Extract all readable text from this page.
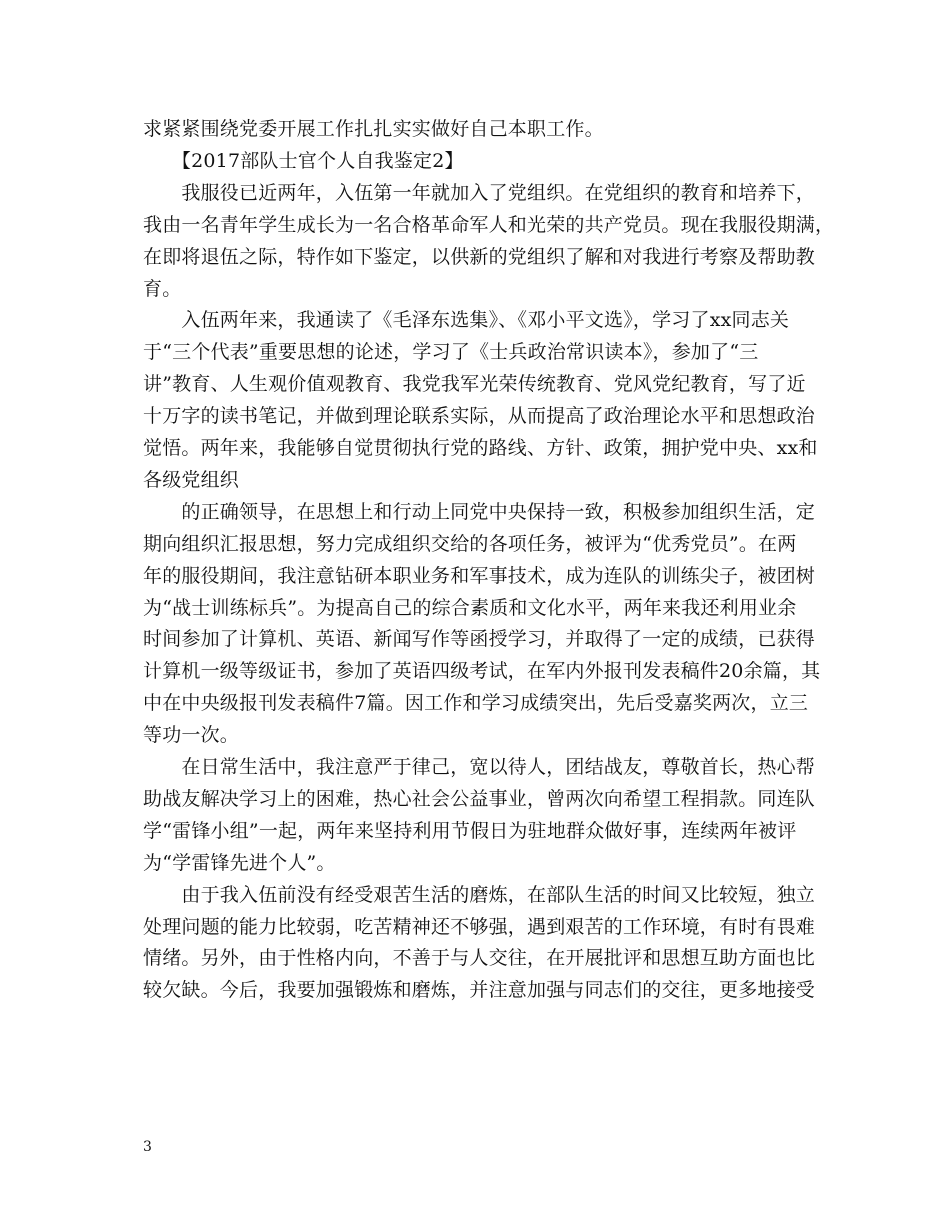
求紧紧围绕党委开展工作扎扎实实做好自己本职工作。
　　【2017部队士官个人自我鉴定2】
　　我服役已近两年，入伍第一年就加入了党组织。在党组织的教育和培养下，
我由一名青年学生成长为一名合格革命军人和光荣的共产党员。现在我服役期满，
在即将退伍之际，特作如下鉴定，以供新的党组织了解和对我进行考察及帮助教
育。
　　入伍两年来，我通读了《毛泽东选集》、《邓小平文选》，学习了xx同志关
于“三个代表”重要思想的论述，学习了《士兵政治常识读本》，参加了“三
讲”教育、人生观价值观教育、我党我军光荣传统教育、党风党纪教育，写了近
十万字的读书笔记，并做到理论联系实际，从而提高了政治理论水平和思想政治
觉悟。两年来，我能够自觉贯彻执行党的路线、方针、政策，拥护党中央、xx和
各级党组织
　　的正确领导，在思想上和行动上同党中央保持一致，积极参加组织生活，定
期向组织汇报思想，努力完成组织交给的各项任务，被评为“优秀党员”。在两
年的服役期间，我注意钻研本职业务和军事技术，成为连队的训练尖子，被团树
为“战士训练标兵”。为提高自己的综合素质和文化水平，两年来我还利用业余
时间参加了计算机、英语、新闻写作等函授学习，并取得了一定的成绩，已获得
计算机一级等级证书，参加了英语四级考试，在军内外报刊发表稿件20余篇，其
中在中央级报刊发表稿件7篇。因工作和学习成绩突出，先后受嘉奖两次，立三
等功一次。
　　在日常生活中，我注意严于律己，宽以待人，团结战友，尊敬首长，热心帮
助战友解决学习上的困难，热心社会公益事业，曾两次向希望工程捐款。同连队
学“雷锋小组”一起，两年来坚持利用节假日为驻地群众做好事，连续两年被评
为“学雷锋先进个人”。
　　由于我入伍前没有经受艰苦生活的磨炼，在部队生活的时间又比较短，独立
处理问题的能力比较弱，吃苦精神还不够强，遇到艰苦的工作环境，有时有畏难
情绪。另外，由于性格内向，不善于与人交往，在开展批评和思想互助方面也比
较欠缺。今后，我要加强锻炼和磨炼，并注意加强与同志们的交往，更多地接受
3
